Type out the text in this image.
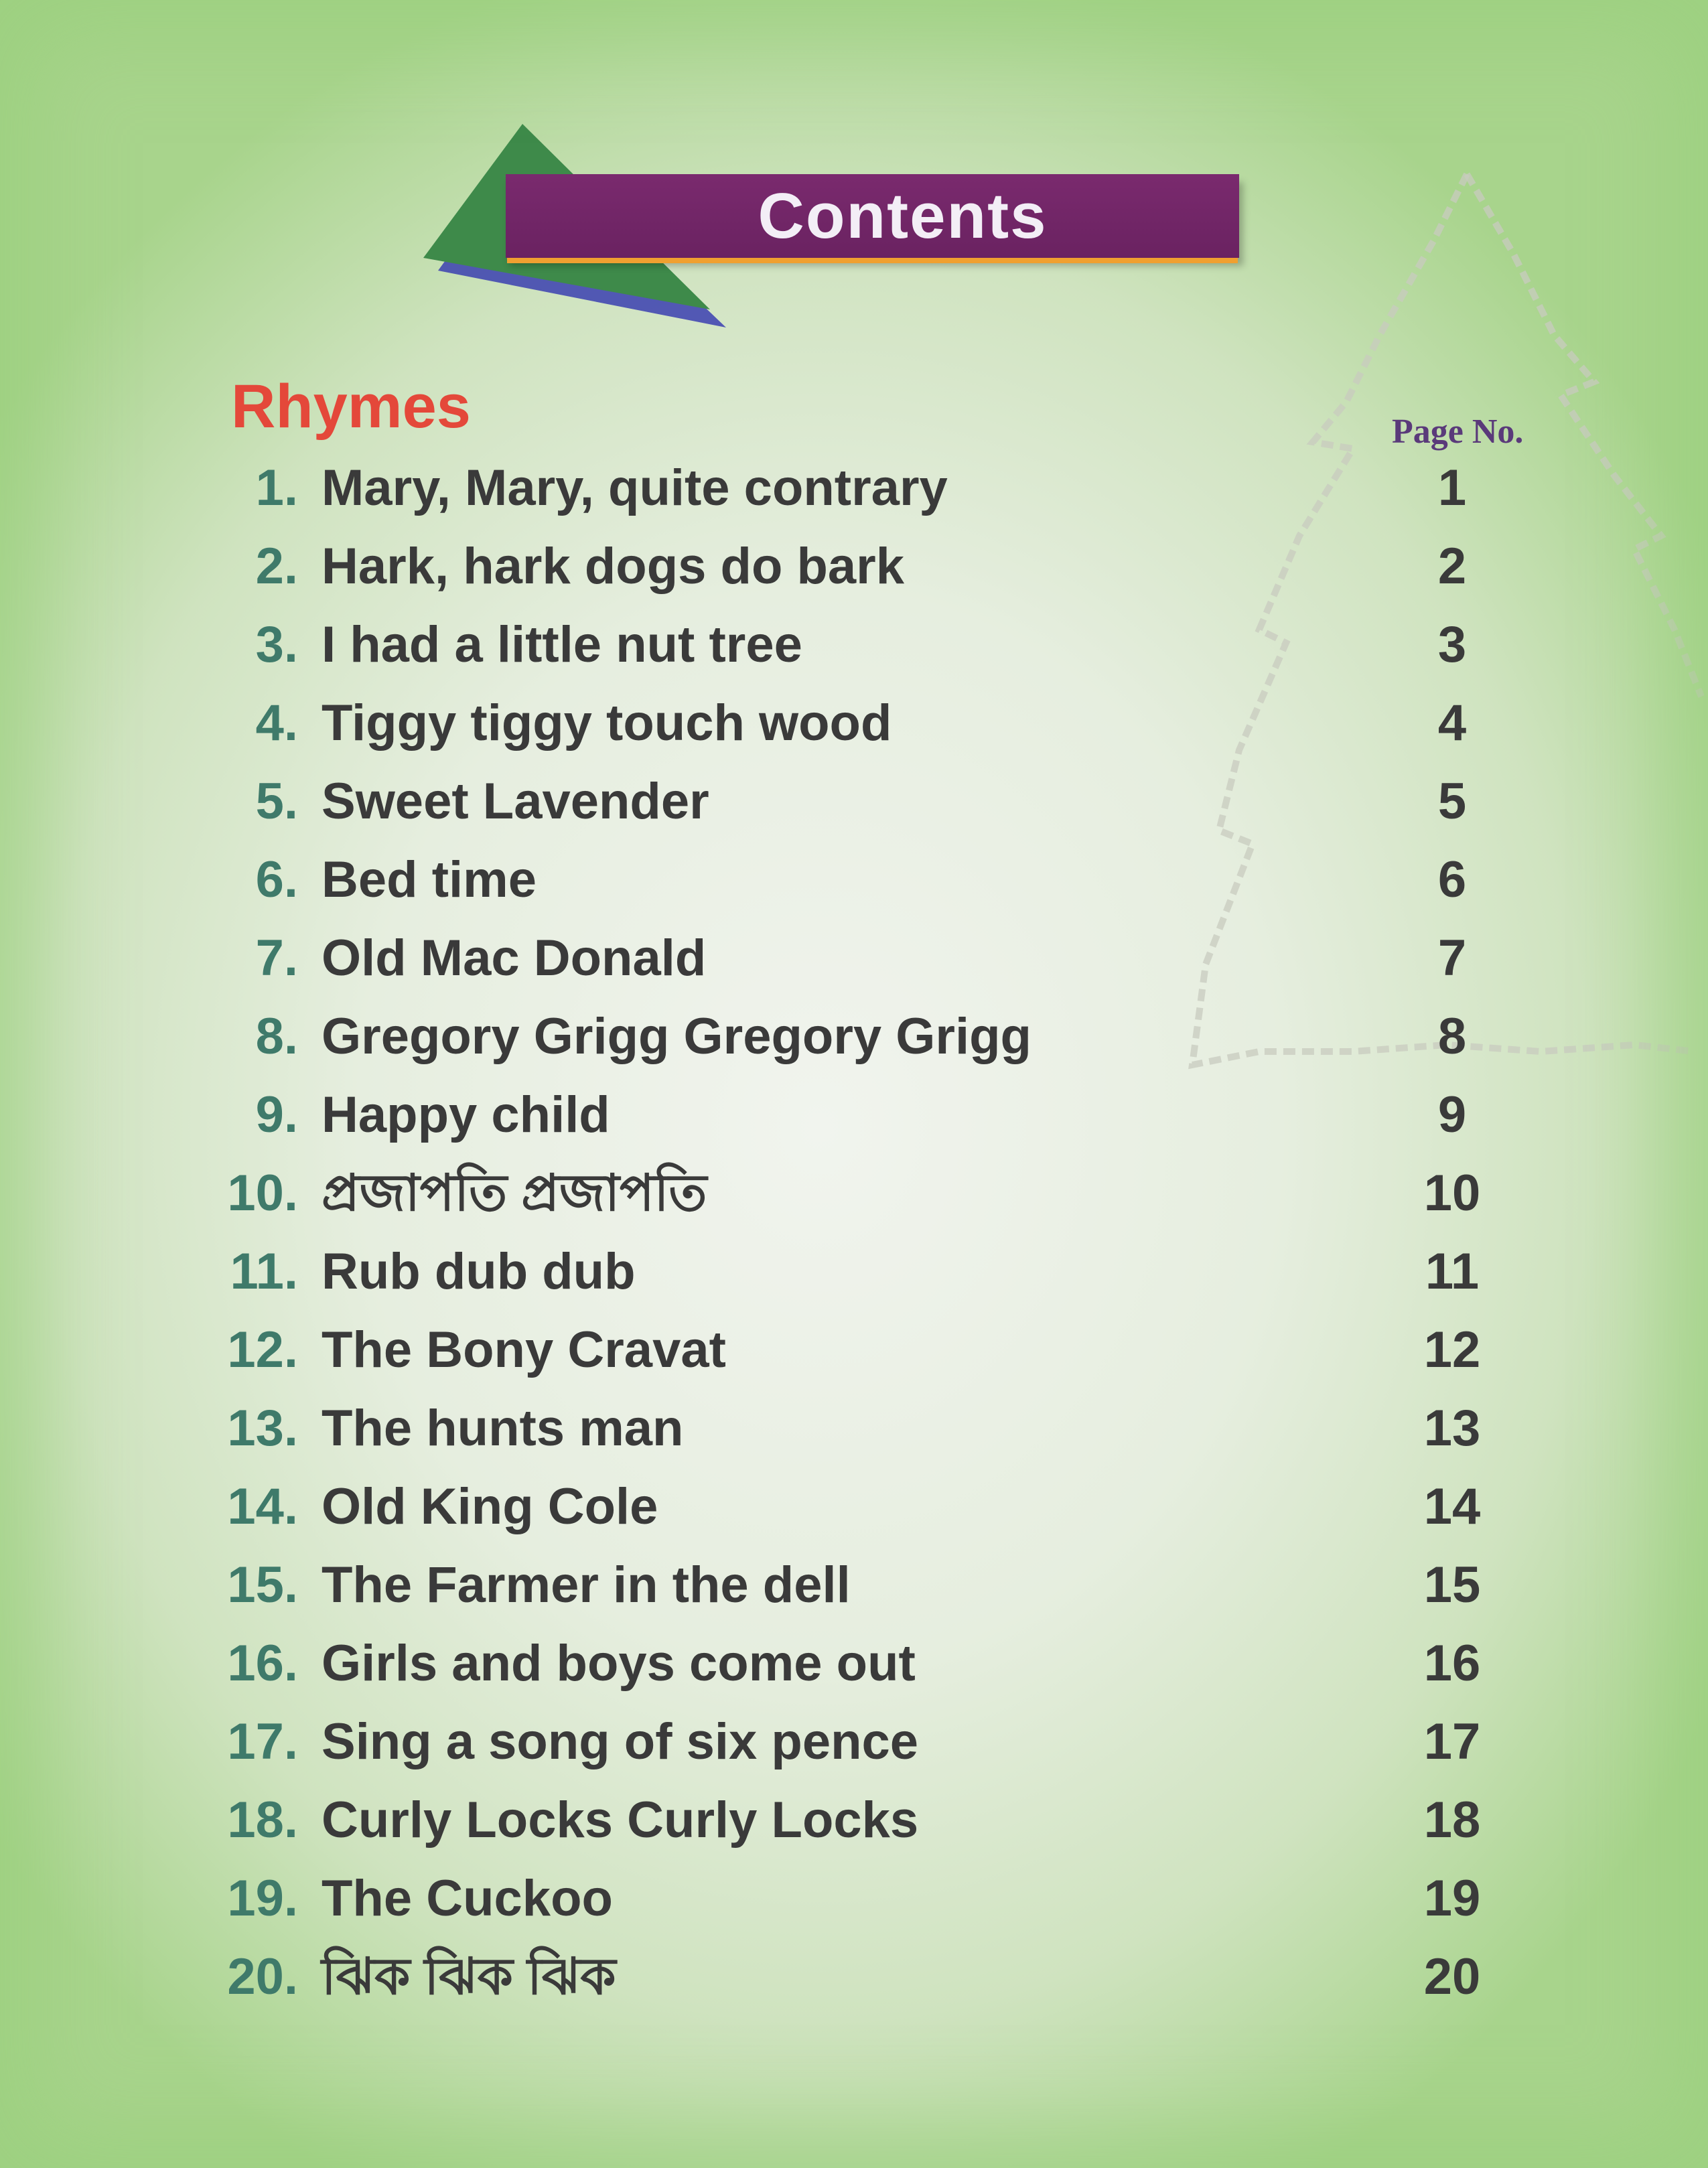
Contents
Rhymes	Page No.
1. Mary, Mary, quite contrary	1
2. Hark, hark dogs do bark	2
3. I had a little nut tree	3
4. Tiggy tiggy touch wood	4
5. Sweet Lavender	5
6. Bed time	6
7. Old Mac Donald	7
8. Gregory Grigg Gregory Grigg	8
9. Happy child	9
10. প্রজাপতি প্রজাপতি	10
11. Rub dub dub	11
12. The Bony Cravat	12
13. The hunts man	13
14. Old King Cole	14
15. The Farmer in the dell	15
16. Girls and boys come out	16
17. Sing a song of six pence	17
18. Curly Locks Curly Locks	18
19. The Cuckoo	19
20. ঝিক ঝিক ঝিক	20
